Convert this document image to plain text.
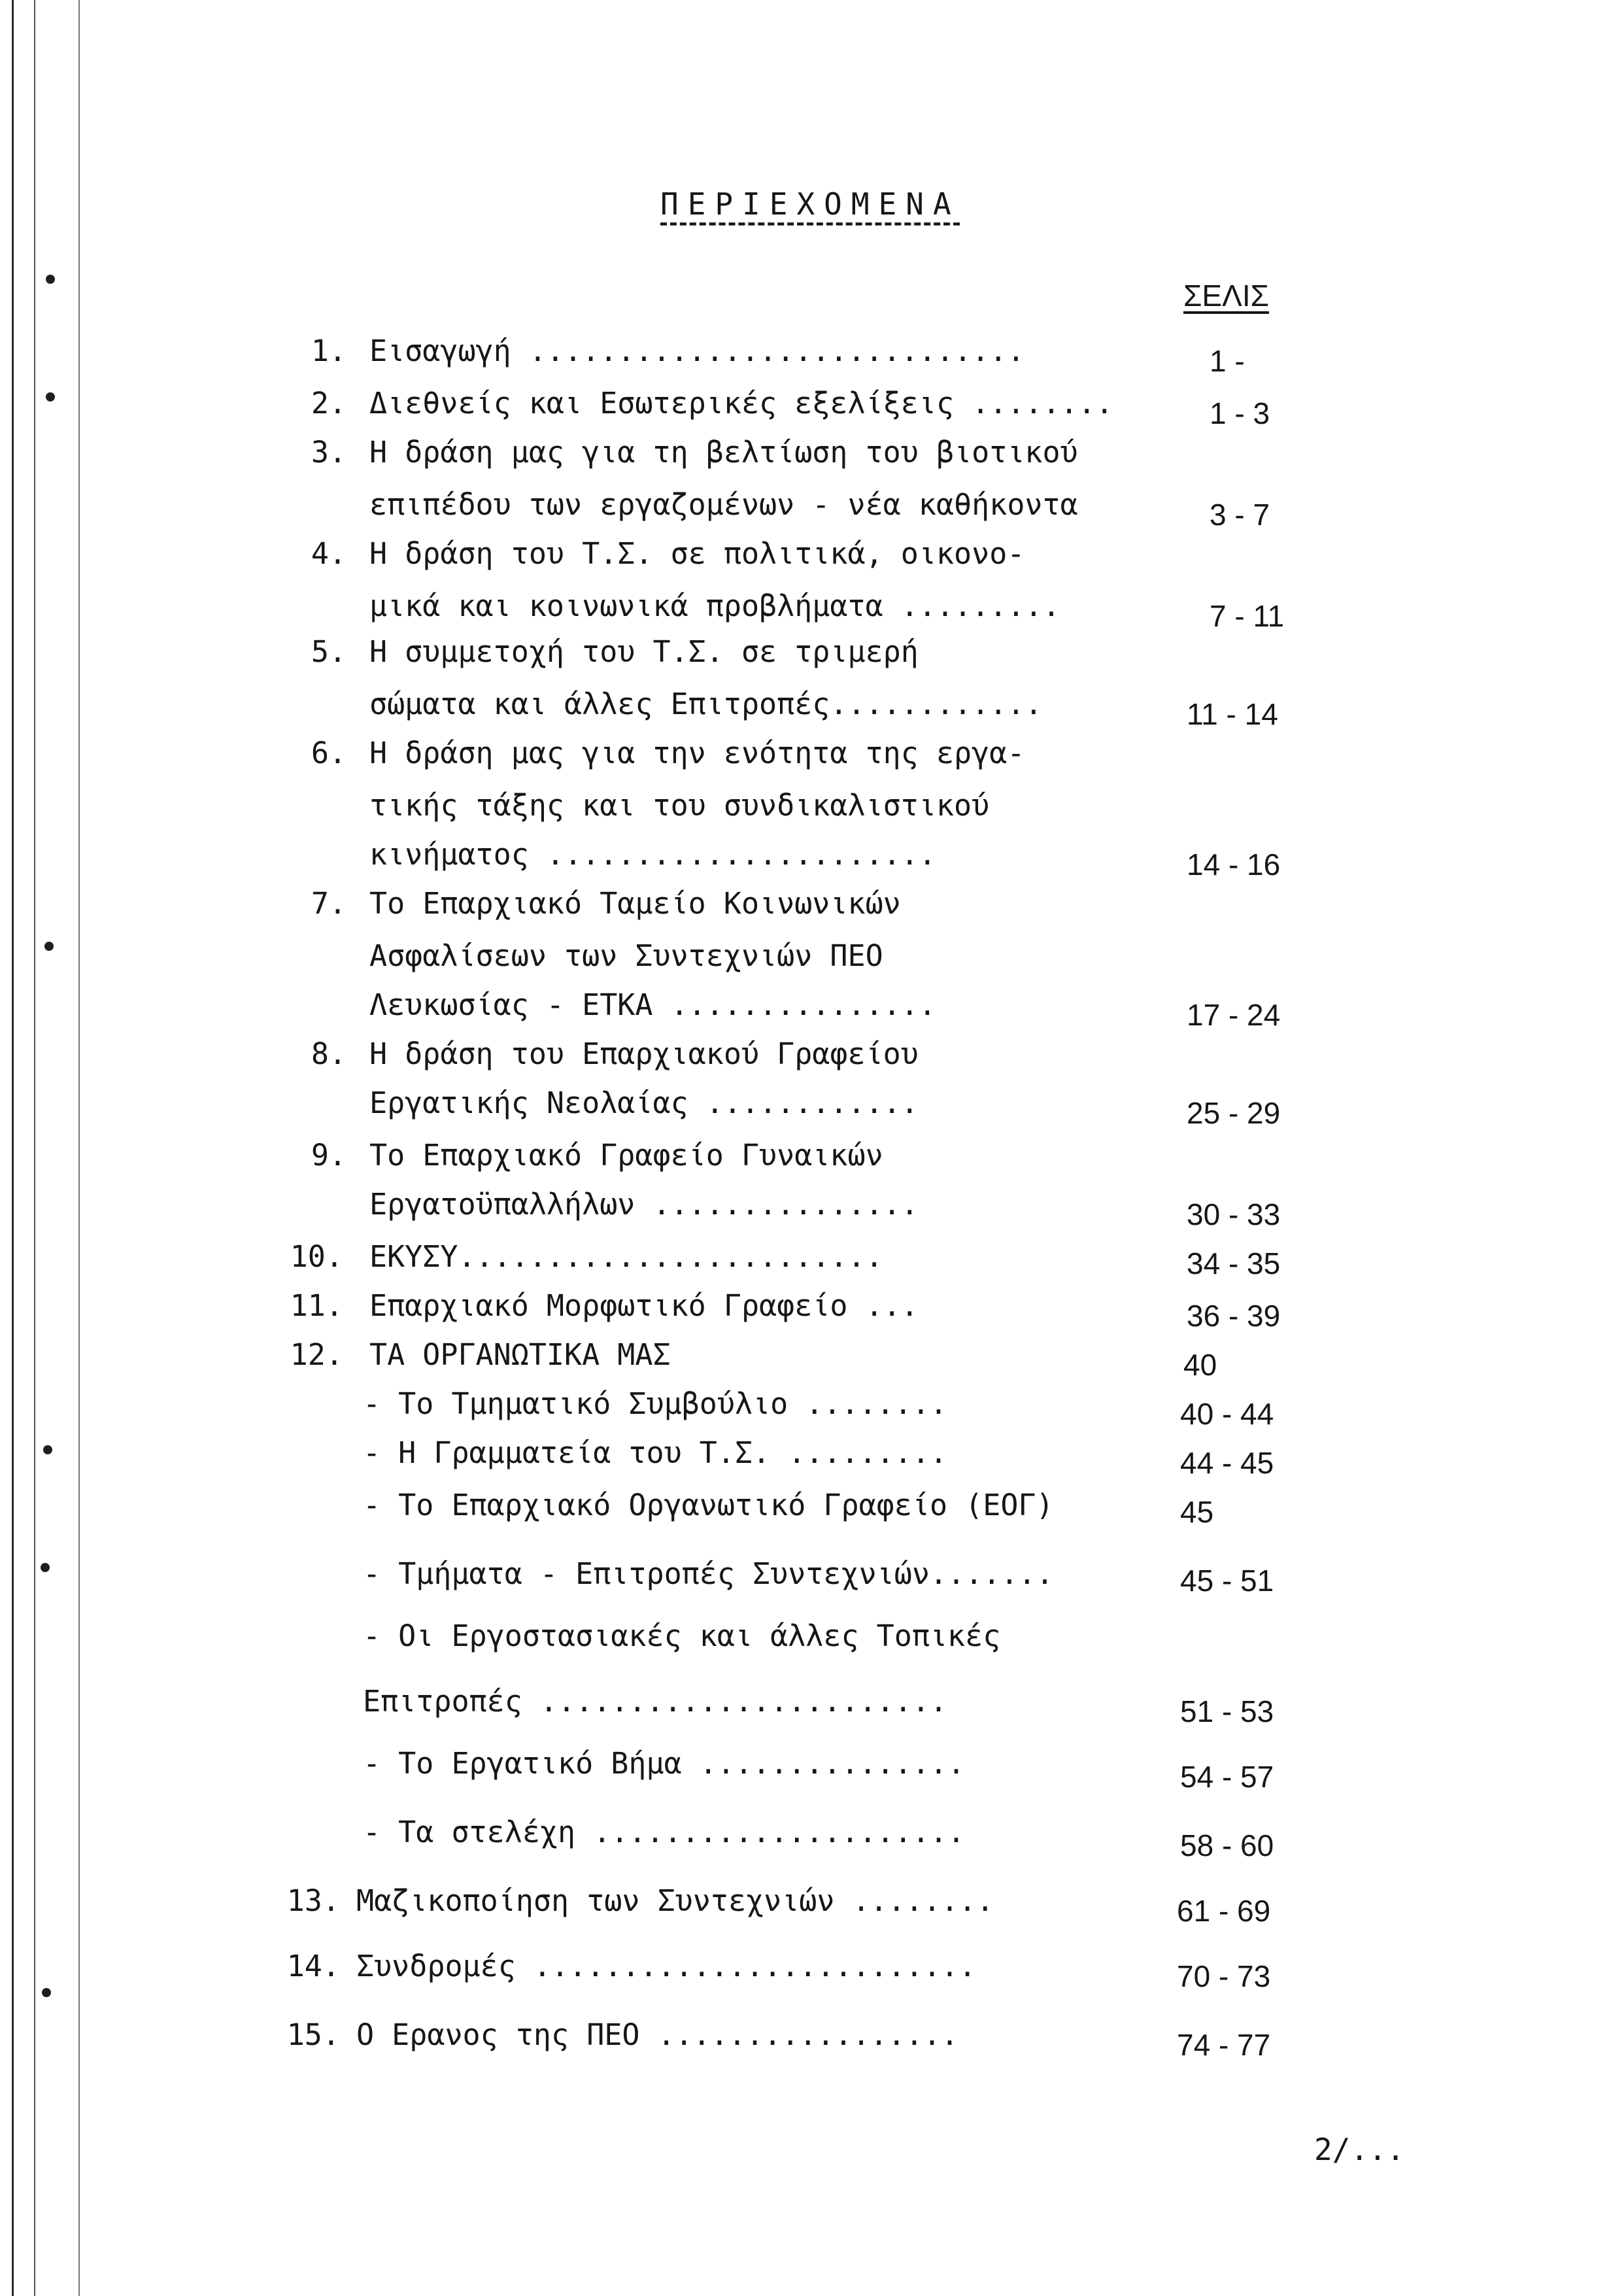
ΠΕΡΙΕΧΟΜΕΝΑ
ΣΕΛΙΣ
1. Εισαγωγή ............................	1 -
2. Διεθνείς και Εσωτερικές εξελίξεις ........	1 - 3
3. Η δράση μας για τη βελτίωση του βιοτικού
επιπέδου των εργαζομένων - νέα καθήκοντα	3 - 7
4. Η δράση του Τ.Σ. σε πολιτικά, οικονο-
μικά και κοινωνικά προβλήματα .........	7 - 11
5. Η συμμετοχή του Τ.Σ. σε τριμερή
σώματα και άλλες Επιτροπές............	11 - 14
6. Η δράση μας για την ενότητα της εργα-
τικής τάξης και του συνδικαλιστικού
κινήματος ......................	14 - 16
7. Το Επαρχιακό Ταμείο Κοινωνικών
Ασφαλίσεων των Συντεχνιών ΠΕΟ
Λευκωσίας - ΕΤΚΑ ...............	17 - 24
8. Η δράση του Επαρχιακού Γραφείου
Εργατικής Νεολαίας ............	25 - 29
9. Το Επαρχιακό Γραφείο Γυναικών
Εργατοϋπαλλήλων ...............	30 - 33
10. ΕΚΥΣΥ........................	34 - 35
11. Επαρχιακό Μορφωτικό Γραφείο ...	36 - 39
12. ΤΑ ΟΡΓΑΝΩΤΙΚΑ ΜΑΣ	40
- Το Τμηματικό Συμβούλιο ........	40 - 44
- Η Γραμματεία του Τ.Σ. .........	44 - 45
- Το Επαρχιακό Οργανωτικό Γραφείο (ΕΟΓ)	45
- Τμήματα - Επιτροπές Συντεχνιών.......	45 - 51
- Οι Εργοστασιακές και άλλες Τοπικές
Επιτροπές .......................	51 - 53
- Το Εργατικό Βήμα ...............	54 - 57
- Τα στελέχη .....................	58 - 60
13. Μαζικοποίηση των Συντεχνιών ........	61 - 69
14. Συνδρομές .........................	70 - 73
15. Ο Ερανος της ΠΕΟ .................	74 - 77
2/...
